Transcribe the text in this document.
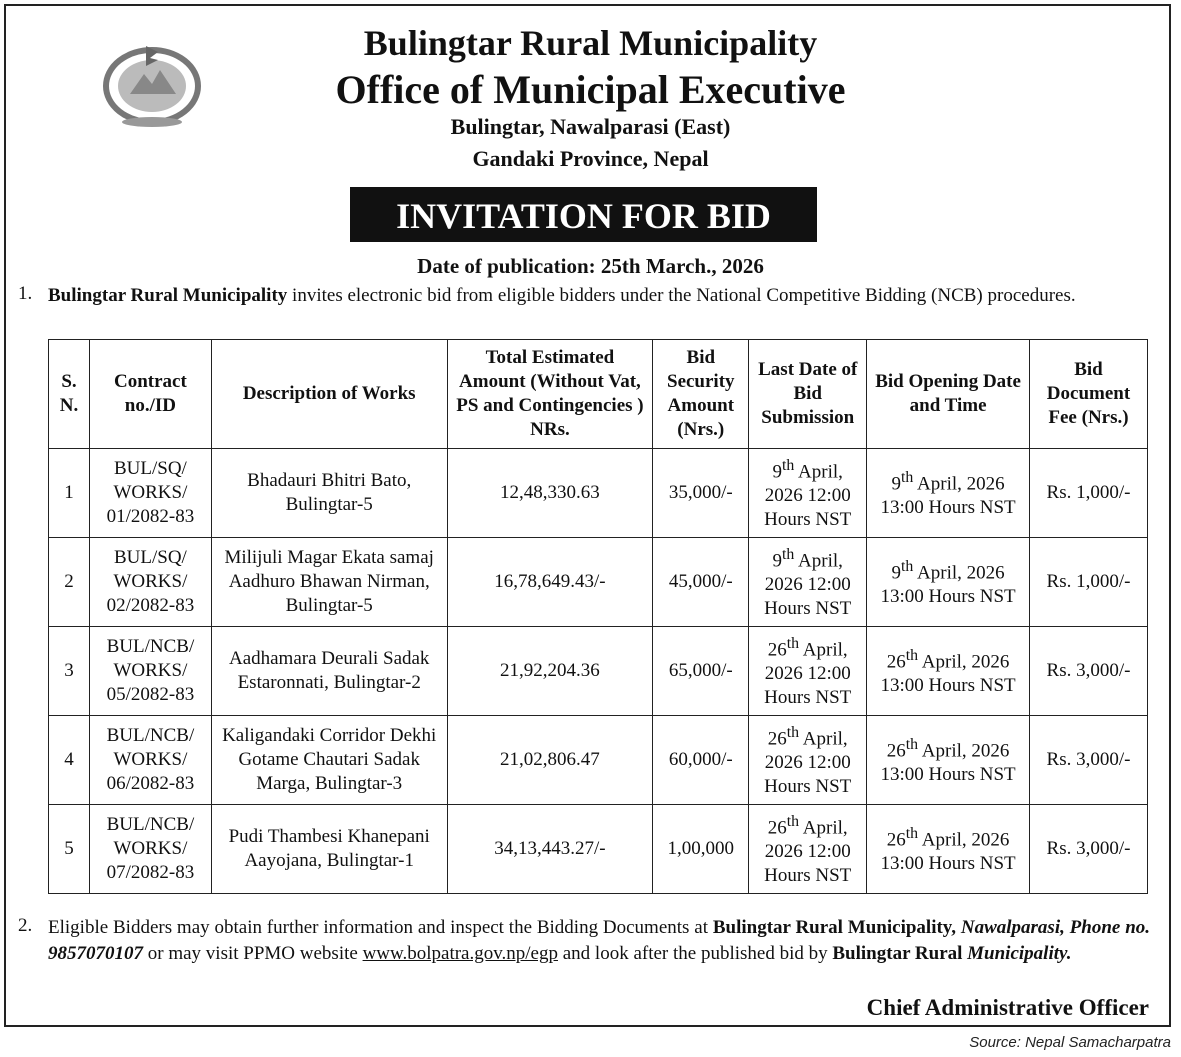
Bulingtar Rural Municipality
Office of Municipal Executive
Bulingtar, Nawalparasi (East)
Gandaki Province, Nepal
INVITATION FOR BID
Date of publication: 25th March., 2026
1. Bulingtar Rural Municipality invites electronic bid from eligible bidders under the National Competitive Bidding (NCB) procedures.
S. N.	Contract no./ID	Description of Works	Total Estimated Amount (Without Vat, PS and Contingencies ) NRs.	Bid Security Amount (Nrs.)	Last Date of Bid Submission	Bid Opening Date and Time	Bid Document Fee (Nrs.)
1	BUL/SQ/ WORKS/ 01/2082-83	Bhadauri Bhitri Bato, Bulingtar-5	12,48,330.63	35,000/-	9th April, 2026 12:00 Hours NST	9th April, 2026 13:00 Hours NST	Rs. 1,000/-
2	BUL/SQ/ WORKS/ 02/2082-83	Milijuli Magar Ekata samaj Aadhuro Bhawan Nirman, Bulingtar-5	16,78,649.43/-	45,000/-	9th April, 2026 12:00 Hours NST	9th April, 2026 13:00 Hours NST	Rs. 1,000/-
3	BUL/NCB/ WORKS/ 05/2082-83	Aadhamara Deurali Sadak Estaronnati, Bulingtar-2	21,92,204.36	65,000/-	26th April, 2026 12:00 Hours NST	26th April, 2026 13:00 Hours NST	Rs. 3,000/-
4	BUL/NCB/ WORKS/ 06/2082-83	Kaligandaki Corridor Dekhi Gotame Chautari Sadak Marga, Bulingtar-3	21,02,806.47	60,000/-	26th April, 2026 12:00 Hours NST	26th April, 2026 13:00 Hours NST	Rs. 3,000/-
5	BUL/NCB/ WORKS/ 07/2082-83	Pudi Thambesi Khanepani Aayojana, Bulingtar-1	34,13,443.27/-	1,00,000	26th April, 2026 12:00 Hours NST	26th April, 2026 13:00 Hours NST	Rs. 3,000/-
2. Eligible Bidders may obtain further information and inspect the Bidding Documents at Bulingtar Rural Municipality, Nawalparasi, Phone no. 9857070107 or may visit PPMO website www.bolpatra.gov.np/egp and look after the published bid by Bulingtar Rural Municipality.
Chief Administrative Officer
Source: Nepal Samacharpatra
